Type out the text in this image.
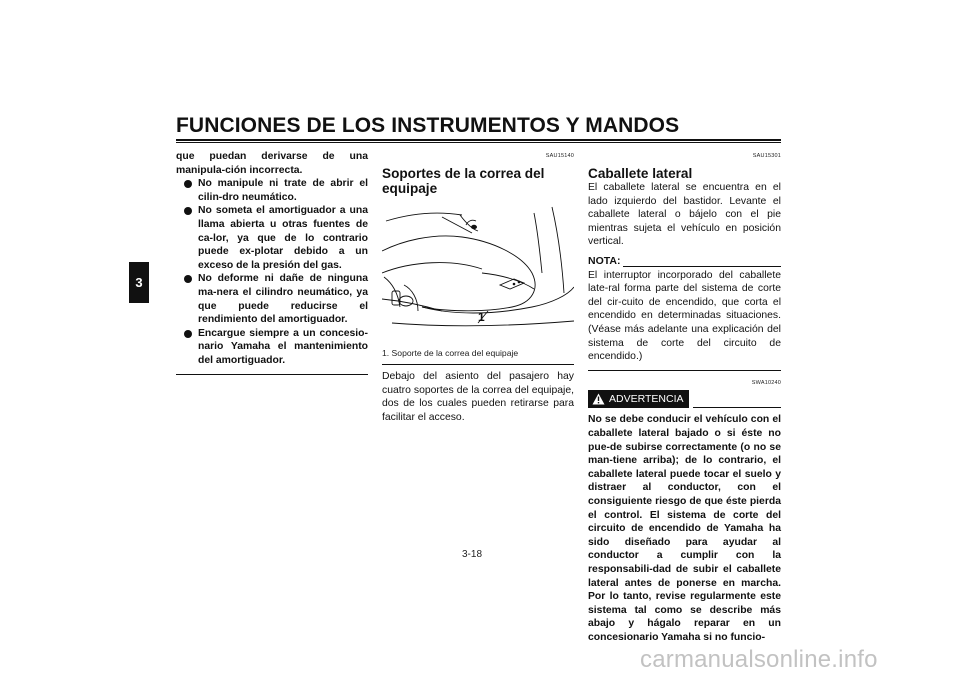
FUNCIONES DE LOS INSTRUMENTOS Y MANDOS
3
que puedan derivarse de una manipula-ción incorrecta.
No manipule ni trate de abrir el cilin-dro neumático.
No someta el amortiguador a una llama abierta u otras fuentes de ca-lor, ya que de lo contrario puede ex-plotar debido a un exceso de la presión del gas.
No deforme ni dañe de ninguna ma-nera el cilindro neumático, ya que puede reducirse el rendimiento del amortiguador.
Encargue siempre a un concesio-nario Yamaha el mantenimiento del amortiguador.
SAU15140
Soportes de la correa del equipaje
1
1. Soporte de la correa del equipaje
Debajo del asiento del pasajero hay cuatro soportes de la correa del equipaje, dos de los cuales pueden retirarse para facilitar el acceso.
SAU15301
Caballete lateral
El caballete lateral se encuentra en el lado izquierdo del bastidor. Levante el caballete lateral o bájelo con el pie mientras sujeta el vehículo en posición vertical.
NOTA:
El interruptor incorporado del caballete late-ral forma parte del sistema de corte del cir-cuito de encendido, que corta el encendido en determinadas situaciones. (Véase más adelante una explicación del sistema de corte del circuito de encendido.)
SWA10240
ADVERTENCIA
No se debe conducir el vehículo con el caballete lateral bajado o si éste no pue-de subirse correctamente (o no se man-tiene arriba); de lo contrario, el caballete lateral puede tocar el suelo y distraer al conductor, con el consiguiente riesgo de que éste pierda el control. El sistema de corte del circuito de encendido de Yamaha ha sido diseñado para ayudar al conductor a cumplir con la responsabili-dad de subir el caballete lateral antes de ponerse en marcha. Por lo tanto, revise regularmente este sistema tal como se describe más abajo y hágalo reparar en un concesionario Yamaha si no funcio-
3-18
carmanualsonline.info
